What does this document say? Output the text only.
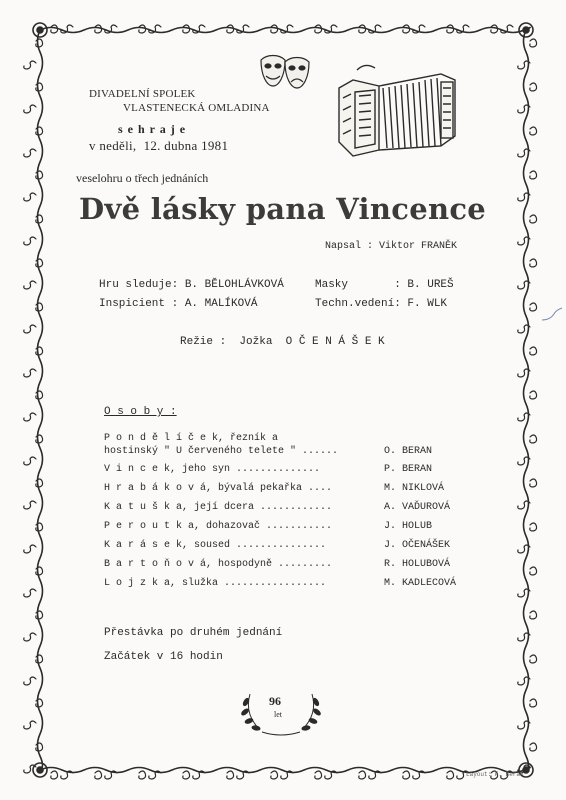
DIVADELNÍ SPOLEK
VLASTENECKÁ OMLADINA
s e h r a j e
v neděli,  12. dubna 1981
veselohru o třech jednáních
Dvě lásky pana Vincence
Napsal : Viktor FRANĚK
Hru sleduje: B. BĚLOHLÁVKOVÁ	Masky       : B. UREŠ
Inspicient : A. MALÍKOVÁ	Techn.vedení: F. WLK
Režie :  Jožka  O Č E N Á Š E K
O s o b y :
P o n d ě l í č e k, řezník a
hostinský " U červeného telete " ......	O. BERAN
V i n c e k, jeho syn ..............	P. BERAN
H r a b á k o v á, bývalá pekařka ....	M. NIKLOVÁ
K a t u š k a, její dcera ............	A. VAĎUROVÁ
P e r o u t k a, dohazovač ...........	J. HOLUB
K a r á s e k, soused ...............	J. OČENÁŠEK
B a r t o ň o v á, hospodyně .........	R. HOLUBOVÁ
L o j z k a, služka .................	M. KADLECOVÁ
Přestávka po druhém jednání
Začátek v 16 hodin
96
let
Layout: F. Beran
